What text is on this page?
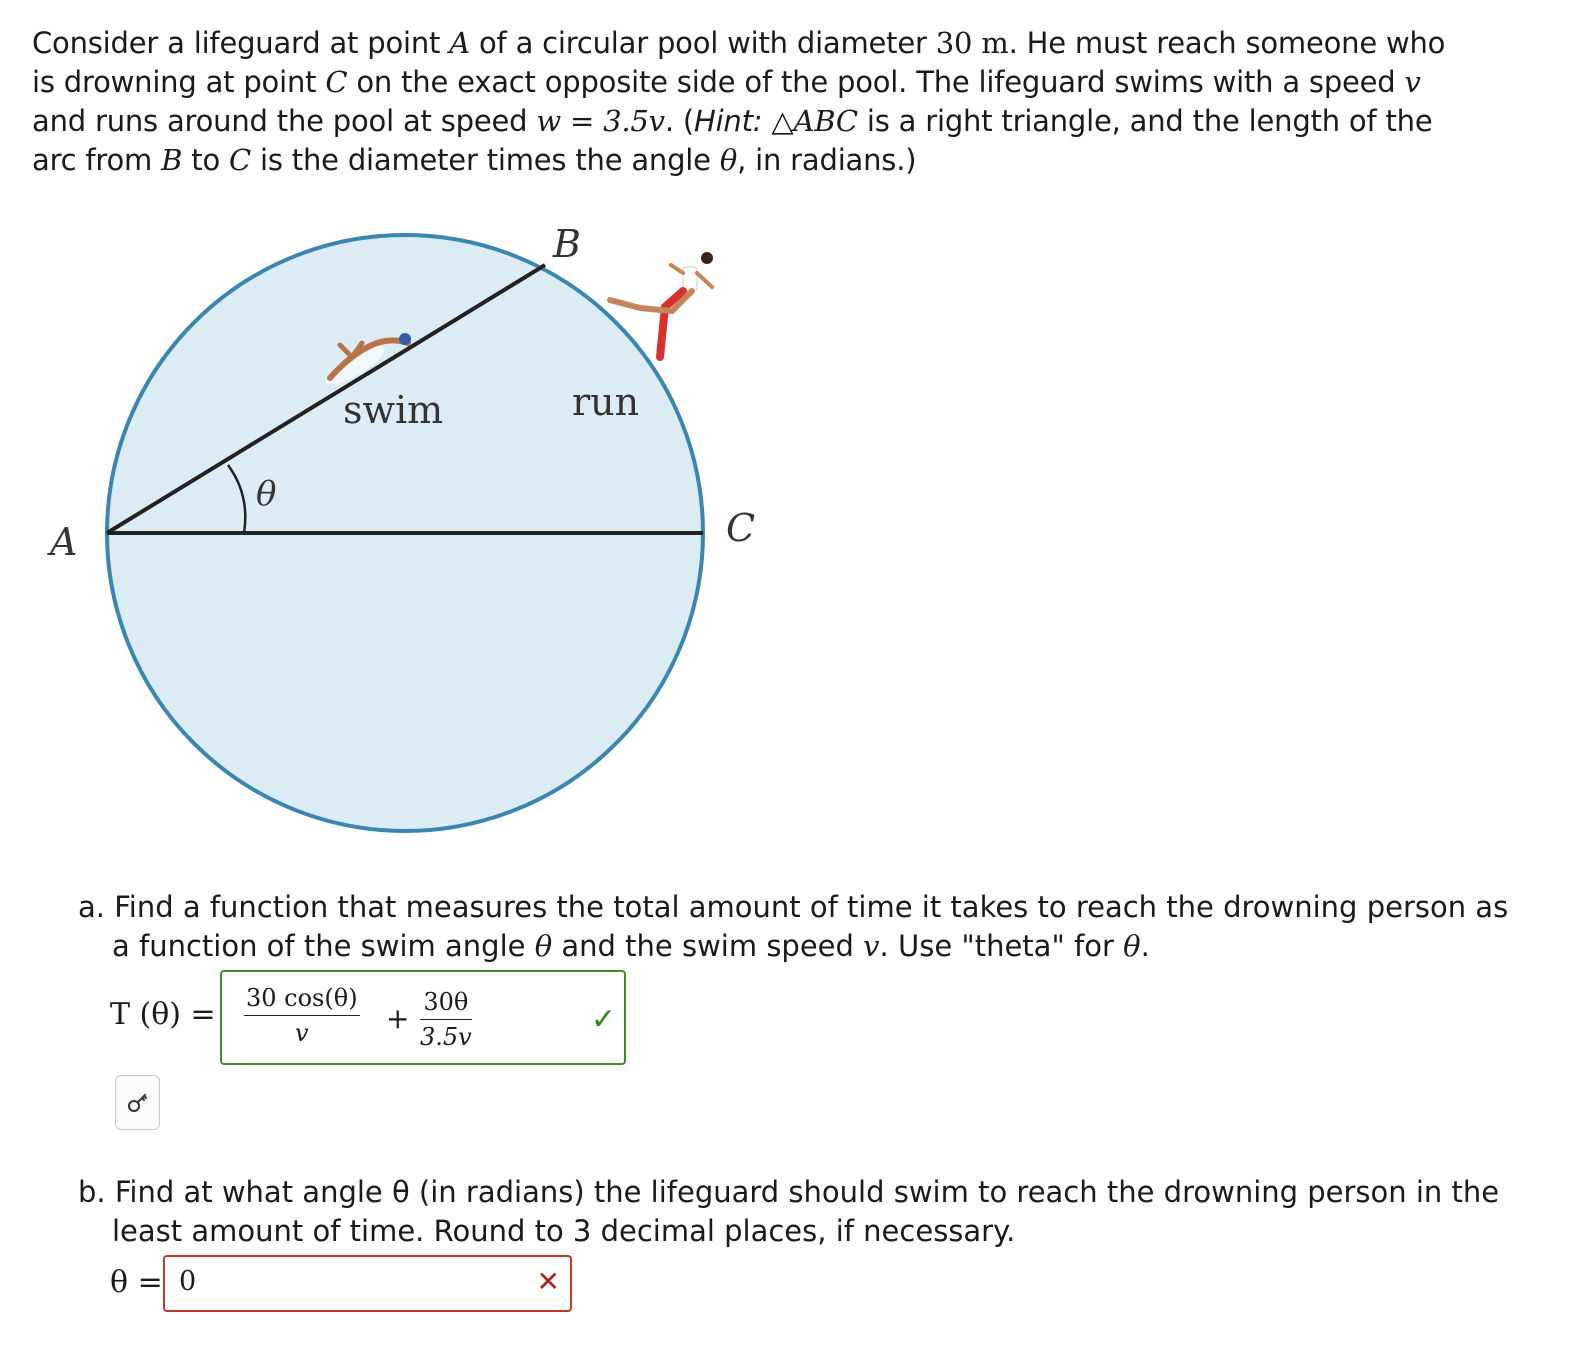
Consider a lifeguard at point A of a circular pool with diameter 30 m. He must reach someone who is drowning at point C on the exact opposite side of the pool. The lifeguard swims with a speed v and runs around the pool at speed w = 3.5v. (Hint: △ABC is a right triangle, and the length of the arc from B to C is the diameter times the angle θ, in radians.)
B
A	C
θ
swim	run
a. Find a function that measures the total amount of time it takes to reach the drowning person as
a function of the swim angle θ and the swim speed v. Use "theta" for θ.
T (θ) = 30 cos(θ)
v	+ 30θ
3.5v	✓
b. Find at what angle θ (in radians) the lifeguard should swim to reach the drowning person in the
least amount of time. Round to 3 decimal places, if necessary.
θ = 0	✕
